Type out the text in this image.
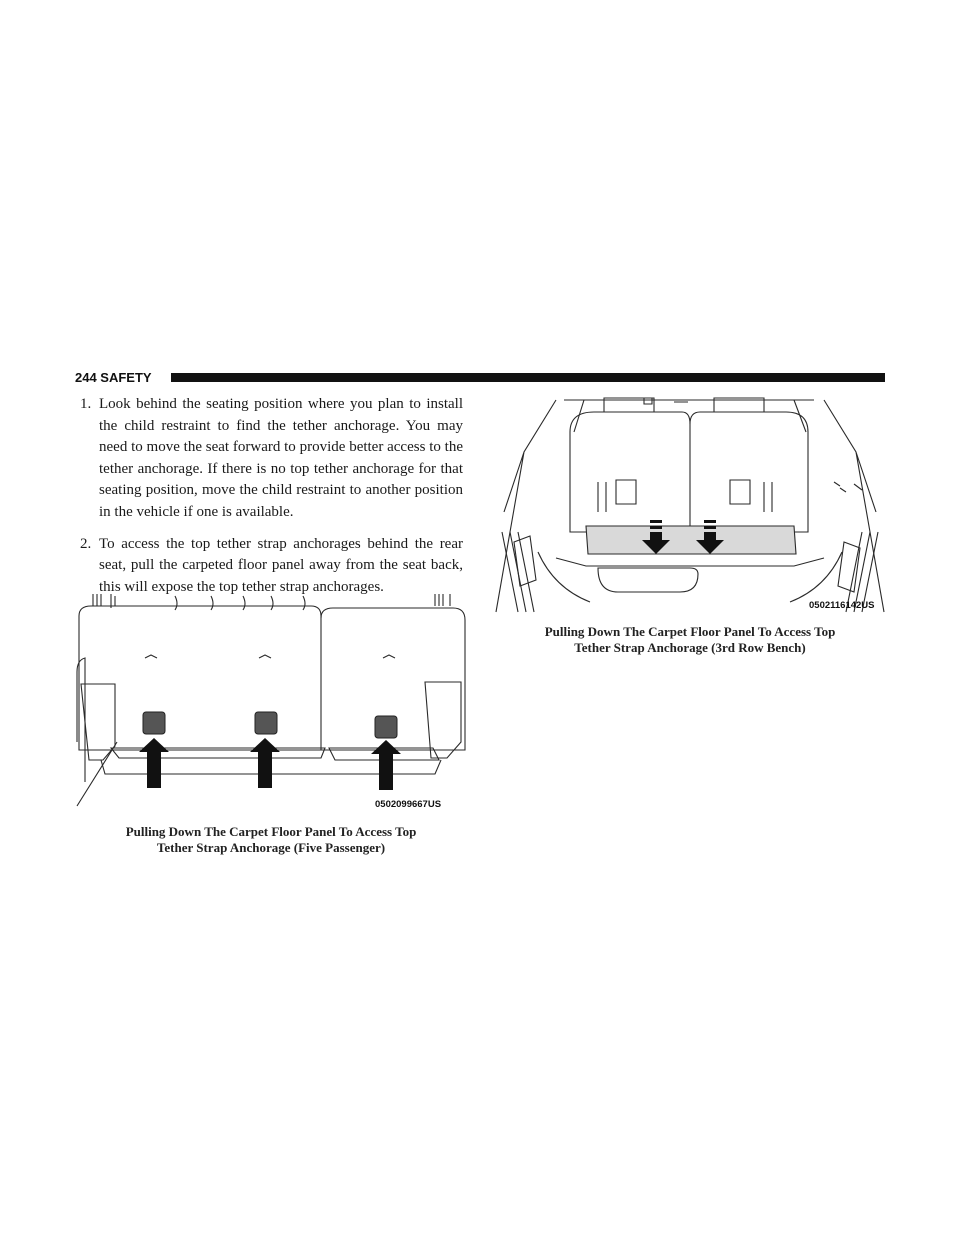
244 SAFETY
1. Look behind the seating position where you plan to install the child restraint to find the tether anchorage. You may need to move the seat forward to provide better access to the tether anchorage. If there is no top tether anchorage for that seating position, move the child restraint to another position in the vehicle if one is available.
2. To access the top tether strap anchorages behind the rear seat, pull the carpeted floor panel away from the seat back, this will expose the top tether strap anchorages.
0502099667US
Pulling Down The Carpet Floor Panel To Access Top
Tether Strap Anchorage (Five Passenger)
0502116142US
Pulling Down The Carpet Floor Panel To Access Top
Tether Strap Anchorage (3rd Row Bench)
